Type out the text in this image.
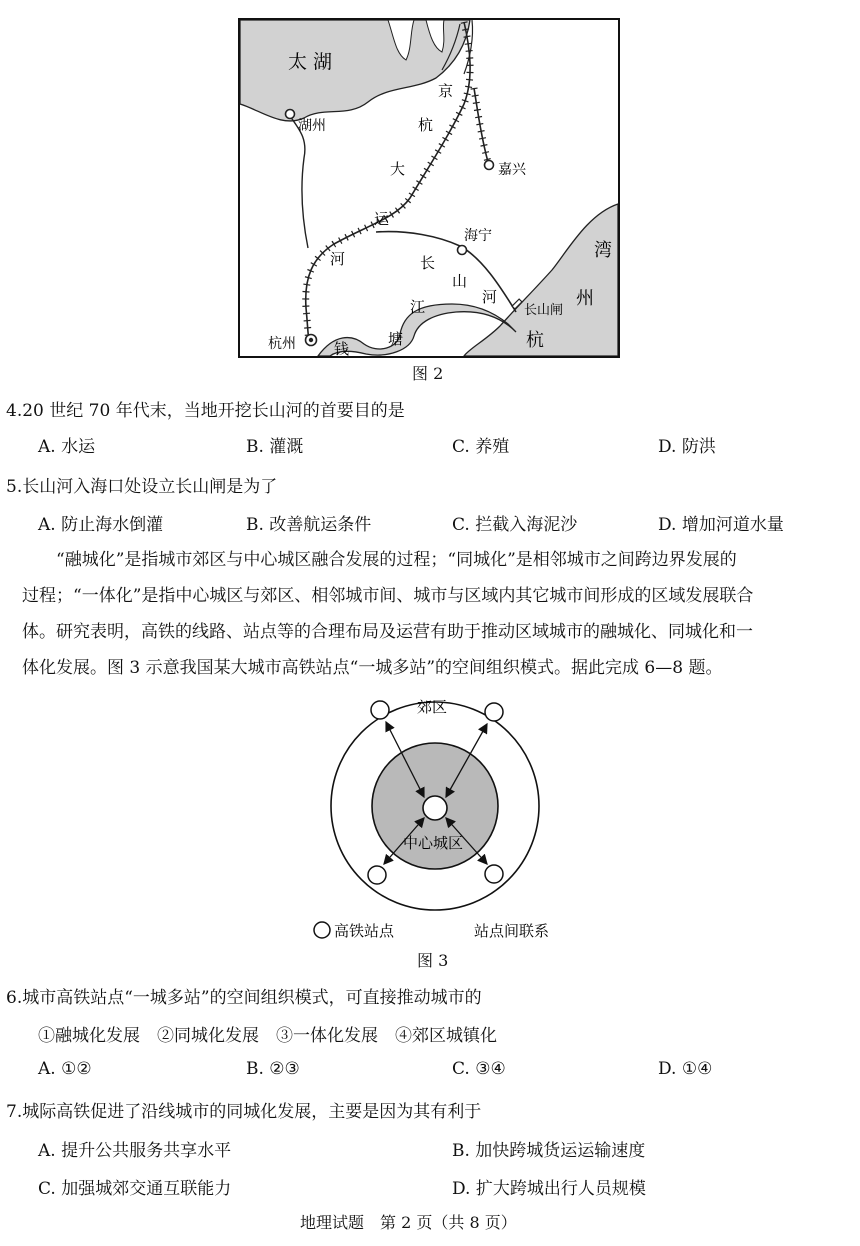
太 湖
湖州
嘉兴
海宁
杭州
长山闸
京
杭
大
运
河	长
山
河
钱
塘
江
湾
州
杭
图 2
4.20 世纪 70 年代末，当地开挖长山河的首要目的是
A. 水运	B. 灌溉	C. 养殖	D. 防洪
5.长山河入海口处设立长山闸是为了
A. 防止海水倒灌	B. 改善航运条件	C. 拦截入海泥沙	D. 增加河道水量

“融城化”是指城市郊区与中心城区融合发展的过程；“同城化”是相邻城市之间跨边界发展的

过程；“一体化”是指中心城区与郊区、相邻城市间、城市与区域内其它城市间形成的区域发展联合

体。研究表明，高铁的线路、站点等的合理布局及运营有助于推动区域城市的融城化、同城化和一

体化发展。图 3 示意我国某大城市高铁站点“一城多站”的空间组织模式。据此完成 6—8 题。

郊区
中心城区
高铁站点	站点间联系
图 3
6.城市高铁站点“一城多站”的空间组织模式，可直接推动城市的
①融城化发展　②同城化发展　③一体化发展　④郊区城镇化
A. ①②	B. ②③	C. ③④	D. ①④
7.城际高铁促进了沿线城市的同城化发展，主要是因为其有利于
A. 提升公共服务共享水平	B. 加快跨城货运运输速度
C. 加强城郊交通互联能力	D. 扩大跨城出行人员规模
地理试题　第 2 页（共 8 页）
